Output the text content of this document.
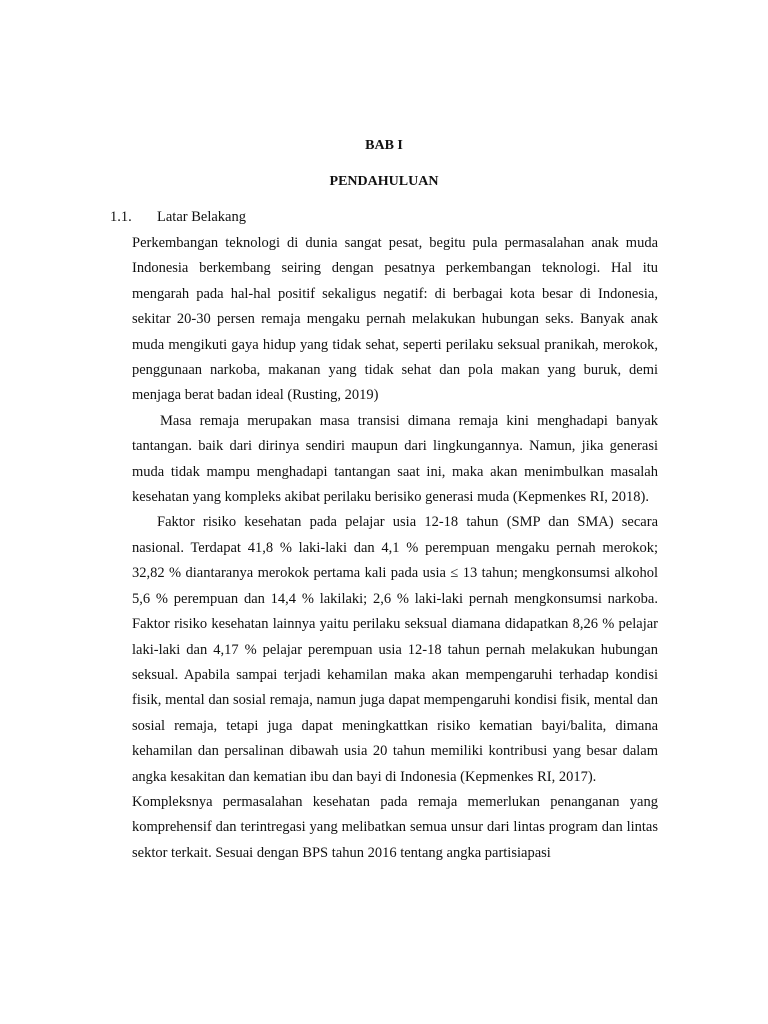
BAB I
PENDAHULUAN
1.1. Latar Belakang

Perkembangan teknologi di dunia sangat pesat, begitu pula permasalahan anak muda Indonesia berkembang seiring dengan pesatnya perkembangan teknologi. Hal itu mengarah pada hal-hal positif sekaligus negatif: di berbagai kota besar di Indonesia, sekitar 20-30 persen remaja mengaku pernah melakukan hubungan seks. Banyak anak muda mengikuti gaya hidup yang tidak sehat, seperti perilaku seksual pranikah, merokok, penggunaan narkoba, makanan yang tidak sehat dan pola makan yang buruk, demi menjaga berat badan ideal (Rusting, 2019)

Masa remaja merupakan masa transisi dimana remaja kini menghadapi banyak tantangan. baik dari dirinya sendiri maupun dari lingkungannya. Namun, jika generasi muda tidak mampu menghadapi tantangan saat ini, maka akan menimbulkan masalah kesehatan yang kompleks akibat perilaku berisiko generasi muda (Kepmenkes RI, 2018).

Faktor risiko kesehatan pada pelajar usia 12-18 tahun (SMP dan SMA) secara nasional. Terdapat 41,8 % laki-laki dan 4,1 % perempuan mengaku pernah merokok; 32,82 % diantaranya merokok pertama kali pada usia ≤ 13 tahun; mengkonsumsi alkohol 5,6 % perempuan dan 14,4 % lakilaki; 2,6 % laki-laki pernah mengkonsumsi narkoba. Faktor risiko kesehatan lainnya yaitu perilaku seksual diamana didapatkan 8,26 % pelajar laki-laki dan 4,17 % pelajar perempuan usia 12-18 tahun pernah melakukan hubungan seksual. Apabila sampai terjadi kehamilan maka akan mempengaruhi terhadap kondisi fisik, mental dan sosial remaja, namun juga dapat mempengaruhi kondisi fisik, mental dan sosial remaja, tetapi juga dapat meningkattkan risiko kematian bayi/balita, dimana kehamilan dan persalinan dibawah usia 20 tahun memiliki kontribusi yang besar dalam angka kesakitan dan kematian ibu dan bayi di Indonesia (Kepmenkes RI, 2017).

Kompleksnya permasalahan kesehatan pada remaja memerlukan penanganan yang komprehensif dan terintregasi yang melibatkan semua unsur dari lintas program dan lintas sektor terkait. Sesuai dengan BPS tahun 2016 tentang angka partisiapasi
